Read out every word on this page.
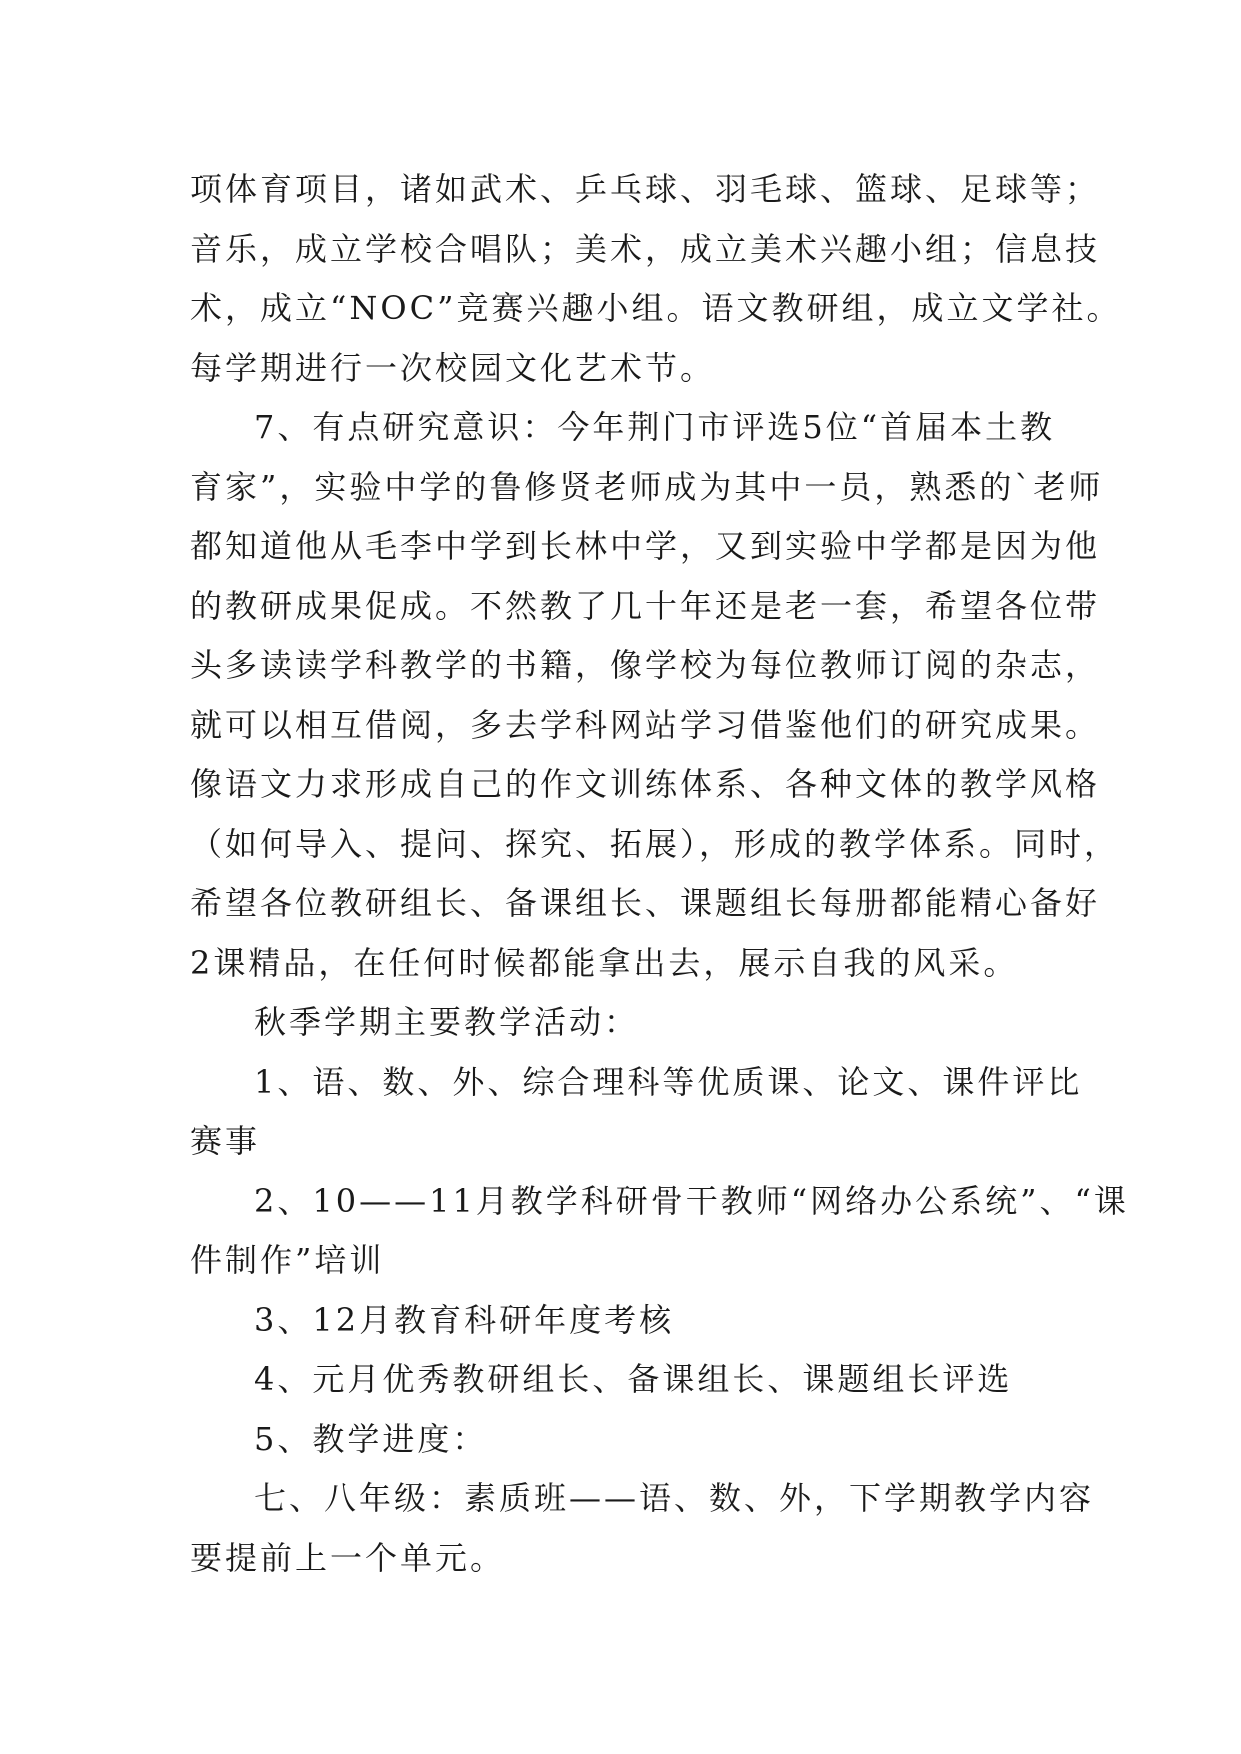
项体育项目，诸如武术、乒乓球、羽毛球、篮球、足球等；
音乐，成立学校合唱队；美术，成立美术兴趣小组；信息技
术，成立“NOC”竞赛兴趣小组。语文教研组，成立文学社。
每学期进行一次校园文化艺术节。
7、有点研究意识：今年荆门市评选5位“首届本土教
育家”，实验中学的鲁修贤老师成为其中一员，熟悉的`老师
都知道他从毛李中学到长林中学，又到实验中学都是因为他
的教研成果促成。不然教了几十年还是老一套，希望各位带
头多读读学科教学的书籍，像学校为每位教师订阅的杂志，
就可以相互借阅，多去学科网站学习借鉴他们的研究成果。
像语文力求形成自己的作文训练体系、各种文体的教学风格
（如何导入、提问、探究、拓展），形成的教学体系。同时，
希望各位教研组长、备课组长、课题组长每册都能精心备好
2课精品，在任何时候都能拿出去，展示自我的风采。
秋季学期主要教学活动：
1、语、数、外、综合理科等优质课、论文、课件评比
赛事
2、10——11月教学科研骨干教师“网络办公系统”、“课
件制作”培训
3、12月教育科研年度考核
4、元月优秀教研组长、备课组长、课题组长评选
5、教学进度：
七、八年级：素质班——语、数、外，下学期教学内容
要提前上一个单元。
